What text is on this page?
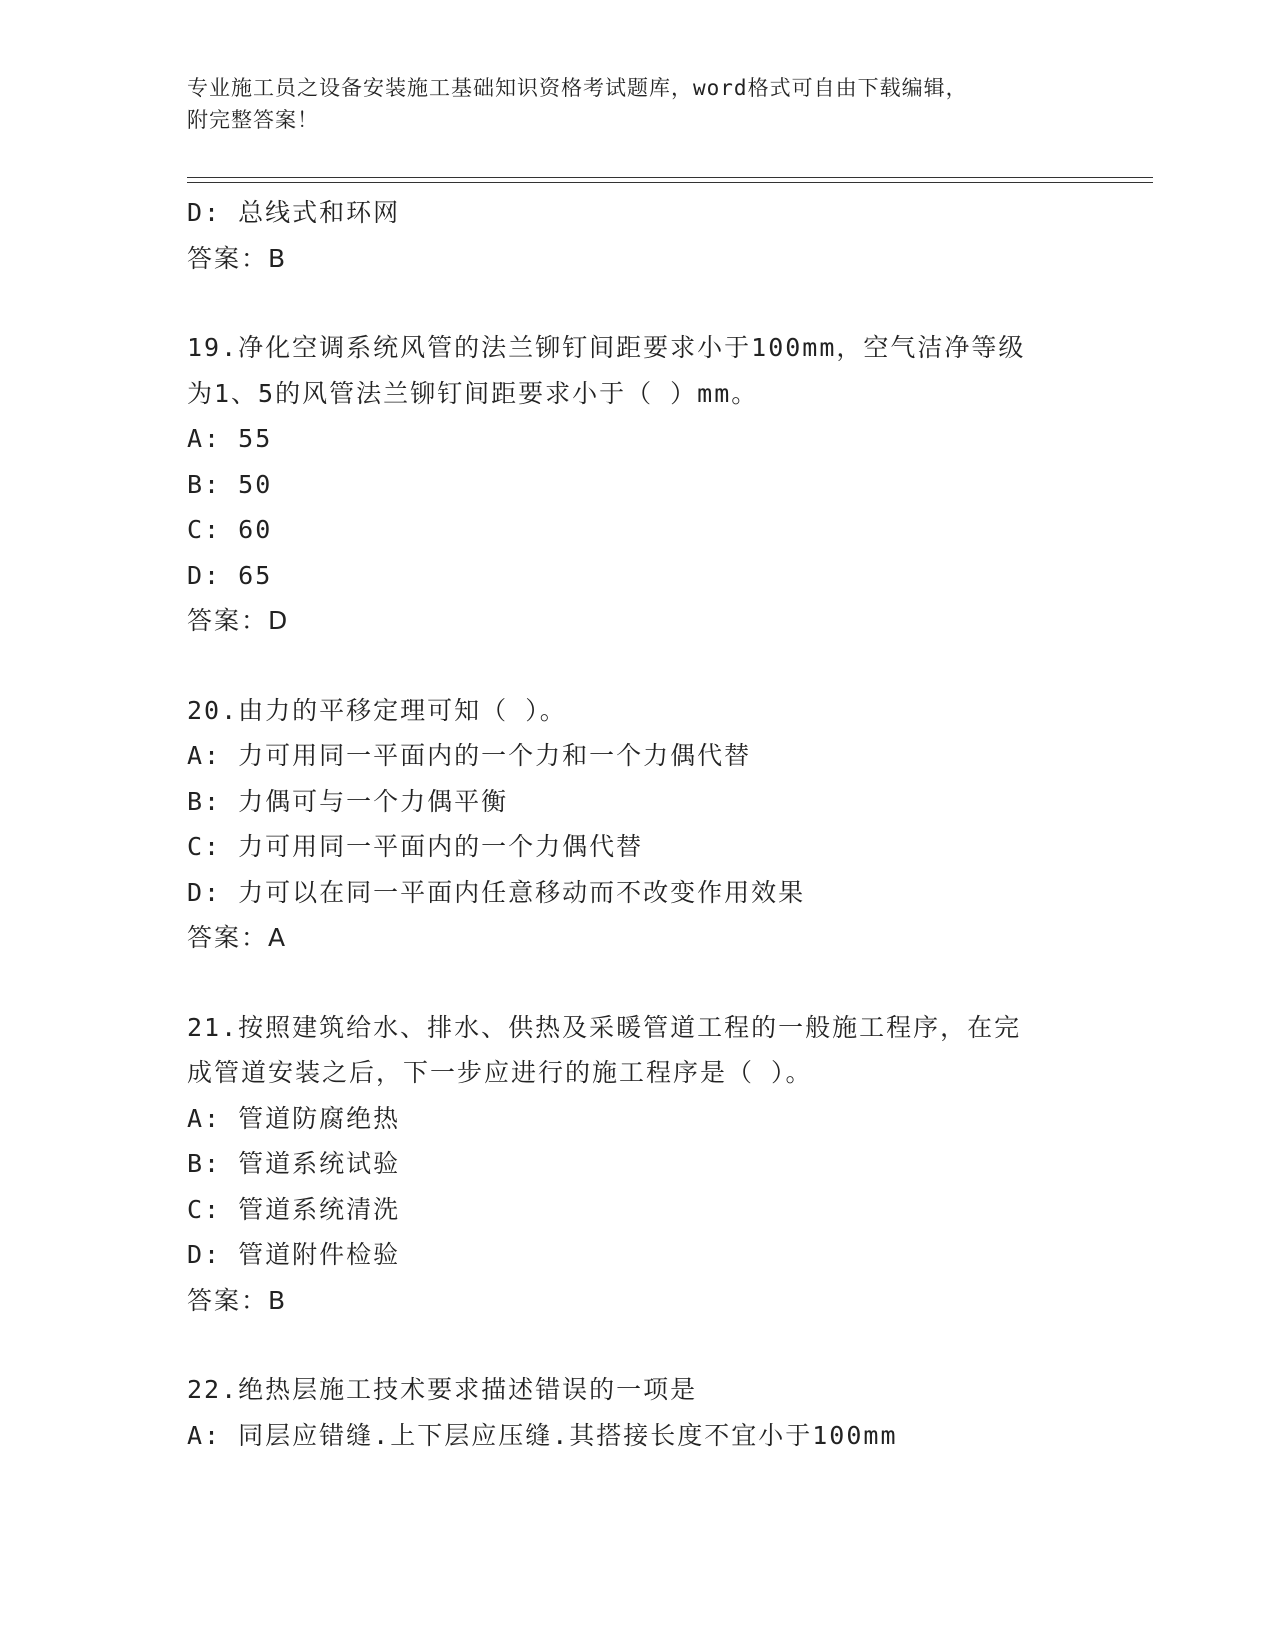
专业施工员之设备安装施工基础知识资格考试题库，word格式可自由下载编辑，
附完整答案！
D: 总线式和环网
答案：B
19.净化空调系统风管的法兰铆钉间距要求小于100mm，空气洁净等级
为1、5的风管法兰铆钉间距要求小于（ ）mm。
A: 55
B: 50
C: 60
D: 65
答案：D
20.由力的平移定理可知（ ）。
A: 力可用同一平面内的一个力和一个力偶代替
B: 力偶可与一个力偶平衡
C: 力可用同一平面内的一个力偶代替
D: 力可以在同一平面内任意移动而不改变作用效果
答案：A
21.按照建筑给水、排水、供热及采暖管道工程的一般施工程序，在完
成管道安装之后，下一步应进行的施工程序是（ ）。
A: 管道防腐绝热
B: 管道系统试验
C: 管道系统清洗
D: 管道附件检验
答案：B
22.绝热层施工技术要求描述错误的一项是
A: 同层应错缝.上下层应压缝.其搭接长度不宜小于100mm
